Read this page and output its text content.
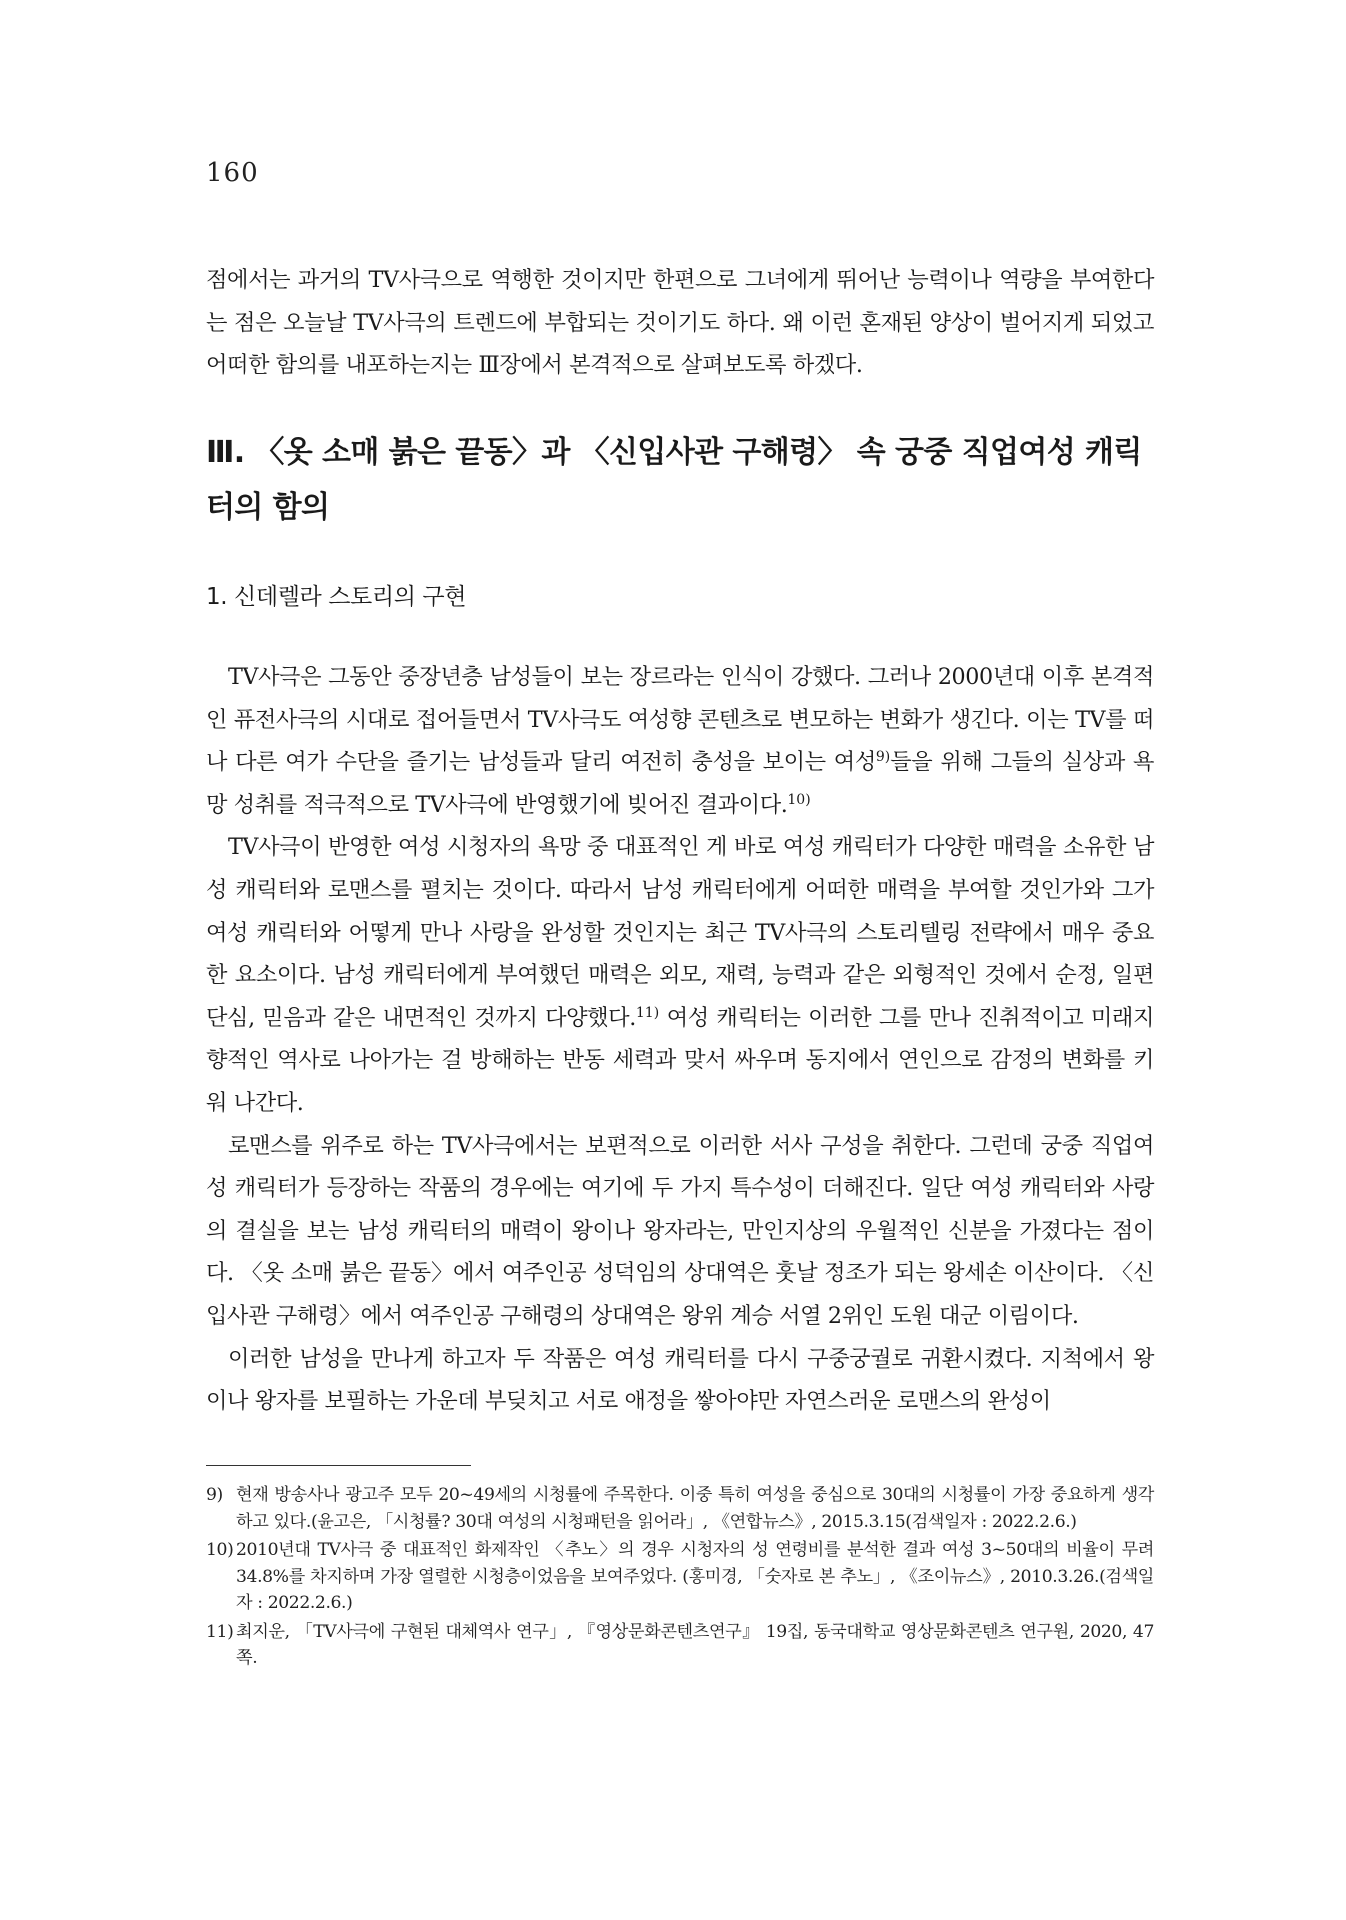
160

점에서는 과거의 TV사극으로 역행한 것이지만 한편으로 그녀에게 뛰어난 능력이나 역량을 부여한다는 점은 오늘날 TV사극의 트렌드에 부합되는 것이기도 하다. 왜 이런 혼재된 양상이 벌어지게 되었고 어떠한 함의를 내포하는지는 Ⅲ장에서 본격적으로 살펴보도록 하겠다.

Ⅲ. 〈옷 소매 붉은 끝동〉과 〈신입사관 구해령〉 속 궁중 직업여성 캐릭터의 함의
1. 신데렐라 스토리의 구현

TV사극은 그동안 중장년층 남성들이 보는 장르라는 인식이 강했다. 그러나 2000년대 이후 본격적인 퓨전사극의 시대로 접어들면서 TV사극도 여성향 콘텐츠로 변모하는 변화가 생긴다. 이는 TV를 떠나 다른 여가 수단을 즐기는 남성들과 달리 여전히 충성을 보이는 여성$^{9)}$들을 위해 그들의 실상과 욕망 성취를 적극적으로 TV사극에 반영했기에 빚어진 결과이다.$^{10)}$

TV사극이 반영한 여성 시청자의 욕망 중 대표적인 게 바로 여성 캐릭터가 다양한 매력을 소유한 남성 캐릭터와 로맨스를 펼치는 것이다. 따라서 남성 캐릭터에게 어떠한 매력을 부여할 것인가와 그가 여성 캐릭터와 어떻게 만나 사랑을 완성할 것인지는 최근 TV사극의 스토리텔링 전략에서 매우 중요한 요소이다. 남성 캐릭터에게 부여했던 매력은 외모, 재력, 능력과 같은 외형적인 것에서 순정, 일편단심, 믿음과 같은 내면적인 것까지 다양했다.$^{11)}$ 여성 캐릭터는 이러한 그를 만나 진취적이고 미래지향적인 역사로 나아가는 걸 방해하는 반동 세력과 맞서 싸우며 동지에서 연인으로 감정의 변화를 키워 나간다.

로맨스를 위주로 하는 TV사극에서는 보편적으로 이러한 서사 구성을 취한다. 그런데 궁중 직업여성 캐릭터가 등장하는 작품의 경우에는 여기에 두 가지 특수성이 더해진다. 일단 여성 캐릭터와 사랑의 결실을 보는 남성 캐릭터의 매력이 왕이나 왕자라는, 만인지상의 우월적인 신분을 가졌다는 점이다. 〈옷 소매 붉은 끝동〉에서 여주인공 성덕임의 상대역은 훗날 정조가 되는 왕세손 이산이다. 〈신입사관 구해령〉에서 여주인공 구해령의 상대역은 왕위 계승 서열 2위인 도원 대군 이림이다.

이러한 남성을 만나게 하고자 두 작품은 여성 캐릭터를 다시 구중궁궐로 귀환시켰다. 지척에서 왕이나 왕자를 보필하는 가운데 부딪치고 서로 애정을 쌓아야만 자연스러운 로맨스의 완성이

9) 현재 방송사나 광고주 모두 20~49세의 시청률에 주목한다. 이중 특히 여성을 중심으로 30대의 시청률이 가장 중요하게 생각하고 있다.(윤고은, 「시청률? 30대 여성의 시청패턴을 읽어라」, 《연합뉴스》, 2015.3.15(검색일자 : 2022.2.6.)
10) 2010년대 TV사극 중 대표적인 화제작인 〈추노〉의 경우 시청자의 성 연령비를 분석한 결과 여성 3~50대의 비율이 무려 34.8%를 차지하며 가장 열렬한 시청층이었음을 보여주었다. (홍미경, 「숫자로 본 추노」, 《조이뉴스》, 2010.3.26.(검색일자 : 2022.2.6.)
11) 최지운, 「TV사극에 구현된 대체역사 연구」, 『영상문화콘텐츠연구』 19집, 동국대학교 영상문화콘텐츠 연구원, 2020, 47쪽.
